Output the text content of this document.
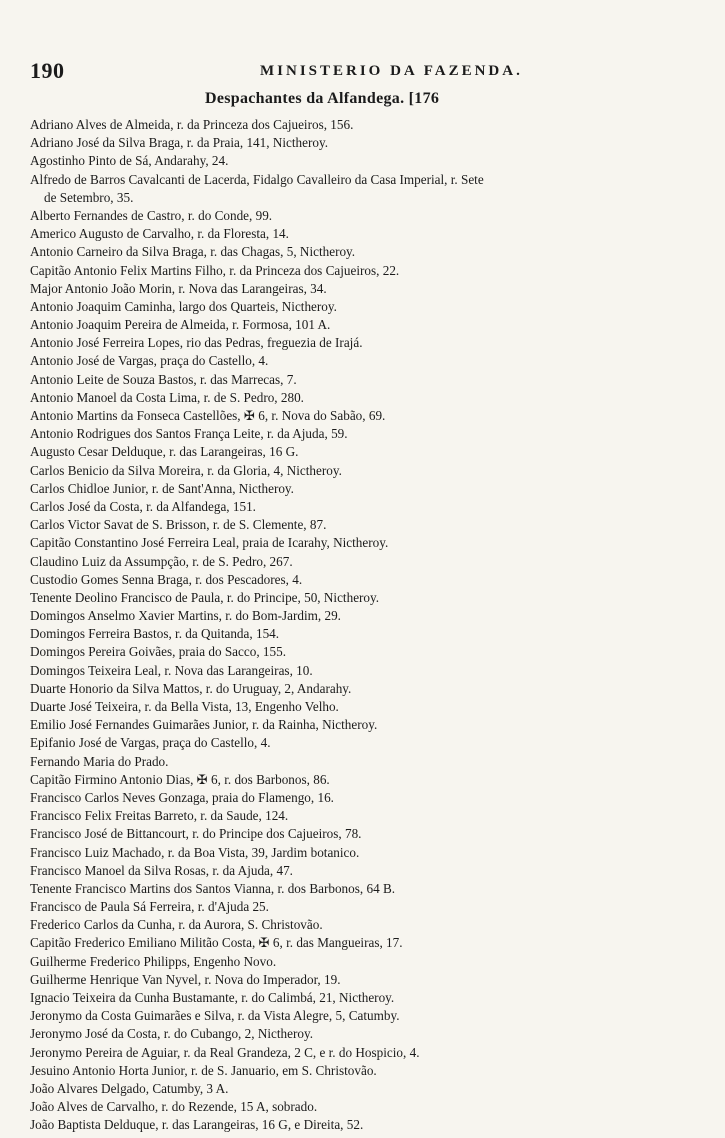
190	MINISTERIO DA FAZENDA.
Despachantes da Alfandega. [176
Adriano Alves de Almeida, r. da Princeza dos Cajueiros, 156.
Adriano José da Silva Braga, r. da Praia, 141, Nictheroy.
Agostinho Pinto de Sá, Andarahy, 24.
Alfredo de Barros Cavalcanti de Lacerda, Fidalgo Cavalleiro da Casa Imperial, r. Sete
de Setembro, 35.
Alberto Fernandes de Castro, r. do Conde, 99.
Americo Augusto de Carvalho, r. da Floresta, 14.
Antonio Carneiro da Silva Braga, r. das Chagas, 5, Nictheroy.
Capitão Antonio Felix Martins Filho, r. da Princeza dos Cajueiros, 22.
Major Antonio João Morin, r. Nova das Larangeiras, 34.
Antonio Joaquim Caminha, largo dos Quarteis, Nictheroy.
Antonio Joaquim Pereira de Almeida, r. Formosa, 101 A.
Antonio José Ferreira Lopes, rio das Pedras, freguezia de Irajá.
Antonio José de Vargas, praça do Castello, 4.
Antonio Leite de Souza Bastos, r. das Marrecas, 7.
Antonio Manoel da Costa Lima, r. de S. Pedro, 280.
Antonio Martins da Fonseca Castellões, ✠ 6, r. Nova do Sabão, 69.
Antonio Rodrigues dos Santos França Leite, r. da Ajuda, 59.
Augusto Cesar Delduque, r. das Larangeiras, 16 G.
Carlos Benicio da Silva Moreira, r. da Gloria, 4, Nictheroy.
Carlos Chidloe Junior, r. de Sant'Anna, Nictheroy.
Carlos José da Costa, r. da Alfandega, 151.
Carlos Victor Savat de S. Brisson, r. de S. Clemente, 87.
Capitão Constantino José Ferreira Leal, praia de Icarahy, Nictheroy.
Claudino Luiz da Assumpção, r. de S. Pedro, 267.
Custodio Gomes Senna Braga, r. dos Pescadores, 4.
Tenente Deolino Francisco de Paula, r. do Principe, 50, Nictheroy.
Domingos Anselmo Xavier Martins, r. do Bom-Jardim, 29.
Domingos Ferreira Bastos, r. da Quitanda, 154.
Domingos Pereira Goivães, praia do Sacco, 155.
Domingos Teixeira Leal, r. Nova das Larangeiras, 10.
Duarte Honorio da Silva Mattos, r. do Uruguay, 2, Andarahy.
Duarte José Teixeira, r. da Bella Vista, 13, Engenho Velho.
Emilio José Fernandes Guimarães Junior, r. da Rainha, Nictheroy.
Epifanio José de Vargas, praça do Castello, 4.
Fernando Maria do Prado.
Capitão Firmino Antonio Dias, ✠ 6, r. dos Barbonos, 86.
Francisco Carlos Neves Gonzaga, praia do Flamengo, 16.
Francisco Felix Freitas Barreto, r. da Saude, 124.
Francisco José de Bittancourt, r. do Principe dos Cajueiros, 78.
Francisco Luiz Machado, r. da Boa Vista, 39, Jardim botanico.
Francisco Manoel da Silva Rosas, r. da Ajuda, 47.
Tenente Francisco Martins dos Santos Vianna, r. dos Barbonos, 64 B.
Francisco de Paula Sá Ferreira, r. d'Ajuda 25.
Frederico Carlos da Cunha, r. da Aurora, S. Christovão.
Capitão Frederico Emiliano Militão Costa, ✠ 6, r. das Mangueiras, 17.
Guilherme Frederico Philipps, Engenho Novo.
Guilherme Henrique Van Nyvel, r. Nova do Imperador, 19.
Ignacio Teixeira da Cunha Bustamante, r. do Calimbá, 21, Nictheroy.
Jeronymo da Costa Guimarães e Silva, r. da Vista Alegre, 5, Catumby.
Jeronymo José da Costa, r. do Cubango, 2, Nictheroy.
Jeronymo Pereira de Aguiar, r. da Real Grandeza, 2 C, e r. do Hospicio, 4.
Jesuino Antonio Horta Junior, r. de S. Januario, em S. Christovão.
João Alvares Delgado, Catumby, 3 A.
João Alves de Carvalho, r. do Rezende, 15 A, sobrado.
João Baptista Delduque, r. das Larangeiras, 16 G, e Direita, 52.
